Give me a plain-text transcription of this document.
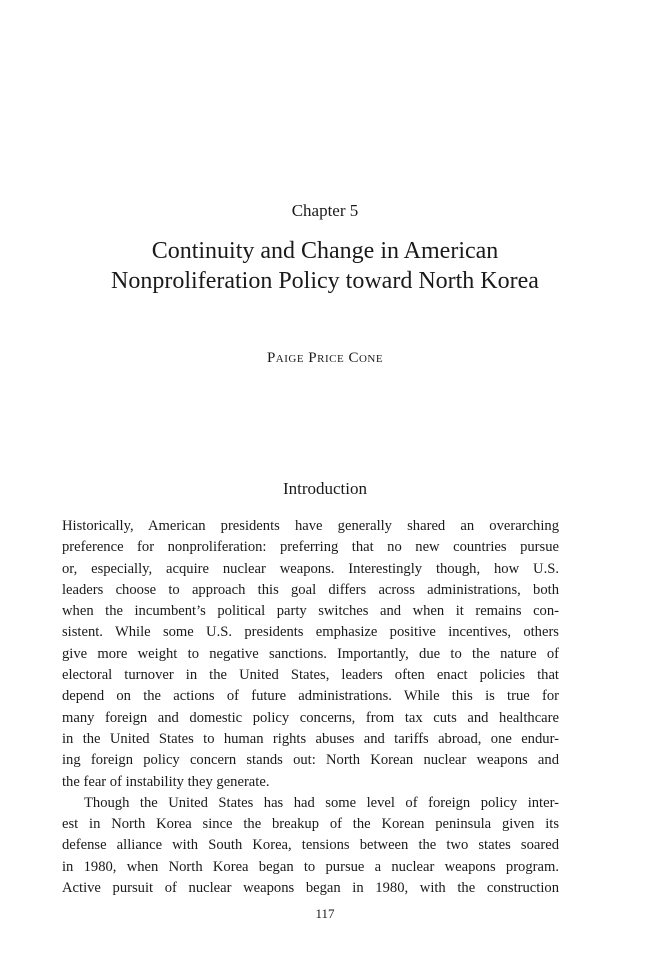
Chapter 5
Continuity and Change in American
Nonproliferation Policy toward North Korea
Paige Price Cone
Introduction
Historically, American presidents have generally shared an overarching
preference for nonproliferation: preferring that no new countries pursue
or, especially, acquire nuclear weapons. Interestingly though, how U.S.
leaders choose to approach this goal differs across administrations, both
when the incumbent’s political party switches and when it remains con-
sistent. While some U.S. presidents emphasize positive incentives, others
give more weight to negative sanctions. Importantly, due to the nature of
electoral turnover in the United States, leaders often enact policies that
depend on the actions of future administrations. While this is true for
many foreign and domestic policy concerns, from tax cuts and healthcare
in the United States to human rights abuses and tariffs abroad, one endur-
ing foreign policy concern stands out: North Korean nuclear weapons and
the fear of instability they generate.
Though the United States has had some level of foreign policy inter-
est in North Korea since the breakup of the Korean peninsula given its
defense alliance with South Korea, tensions between the two states soared
in 1980, when North Korea began to pursue a nuclear weapons program.
Active pursuit of nuclear weapons began in 1980, with the construction
117
